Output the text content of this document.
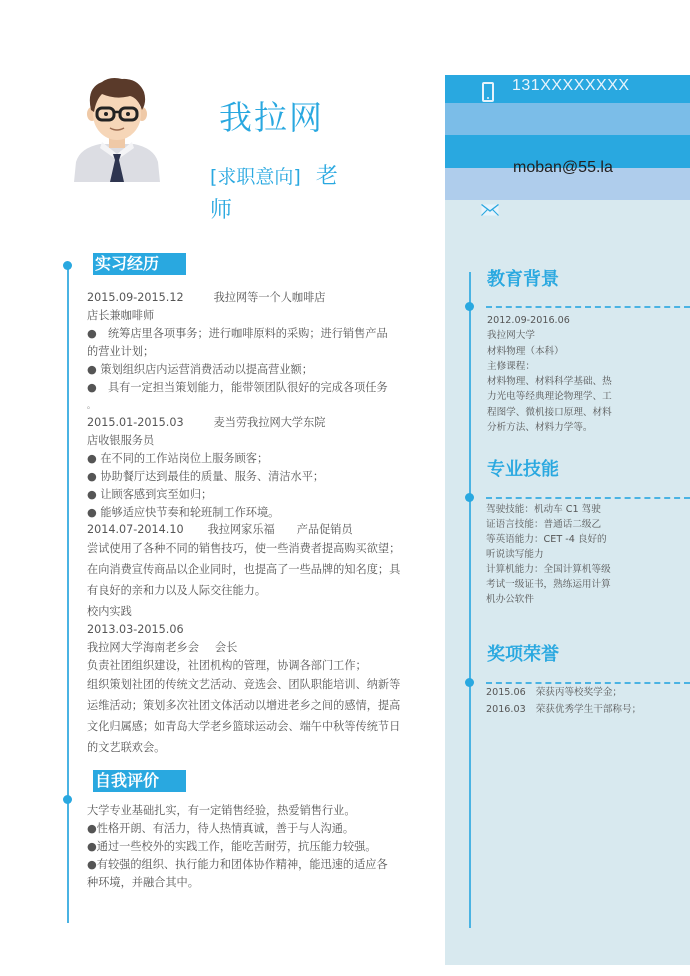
我拉网
[求职意向] 老
师
131XXXXXXXX
moban@55.la
实习经历
2015.09-2015.12	我拉网等一个人咖啡店
店长兼咖啡师
●　统筹店里各项事务；进行咖啡原料的采购；进行销售产品
的营业计划；
● 策划组织店内运营消费活动以提高营业额；
●　具有一定担当策划能力，能带领团队很好的完成各项任务
。
2015.01-2015.03	麦当劳我拉网大学东院
店收银服务员
● 在不同的工作站岗位上服务顾客；
● 协助餐厅达到最佳的质量、服务、清洁水平；
● 让顾客感到宾至如归；
● 能够适应快节奏和轮班制工作环境。
2014.07-2014.10 我拉网家乐福 产品促销员
尝试使用了各种不同的销售技巧，使一些消费者提高购买欲望；在向消费宣传商品以企业同时，也提高了一些品牌的知名度；具有良好的亲和力以及人际交往能力。
校内实践
2013.03-2015.06
我拉网大学海南老乡会 会长
负责社团组织建设，社团机构的管理，协调各部门工作；
组织策划社团的传统文艺活动、竞选会、团队职能培训、纳新等运维活动；策划多次社团文体活动以增进老乡之间的感情，提高文化归属感；如青岛大学老乡篮球运动会、端午中秋等传统节日的文艺联欢会。
自我评价
大学专业基础扎实，有一定销售经验，热爱销售行业。
●性格开朗、有活力，待人热情真诚，善于与人沟通。
●通过一些校外的实践工作，能吃苦耐劳，抗压能力较强。
●有较强的组织、执行能力和团体协作精神，能迅速的适应各
种环境，并融合其中。
教育背景
2012.09-2016.06
我拉网大学
材料物理（本科）
主修课程：
材料物理、材料科学基础、热
力光电等经典理论物理学、工
程图学、微机接口原理、材料
分析方法、材料力学等。
专业技能
驾驶技能：机动车 C1 驾驶
证语言技能：普通话二级乙
等英语能力：CET -4 良好的
听说读写能力
计算机能力：全国计算机等级
考试一级证书，熟练运用计算
机办公软件
奖项荣誉
2015.06 荣获丙等校奖学金；
2016.03 荣获优秀学生干部称号；
